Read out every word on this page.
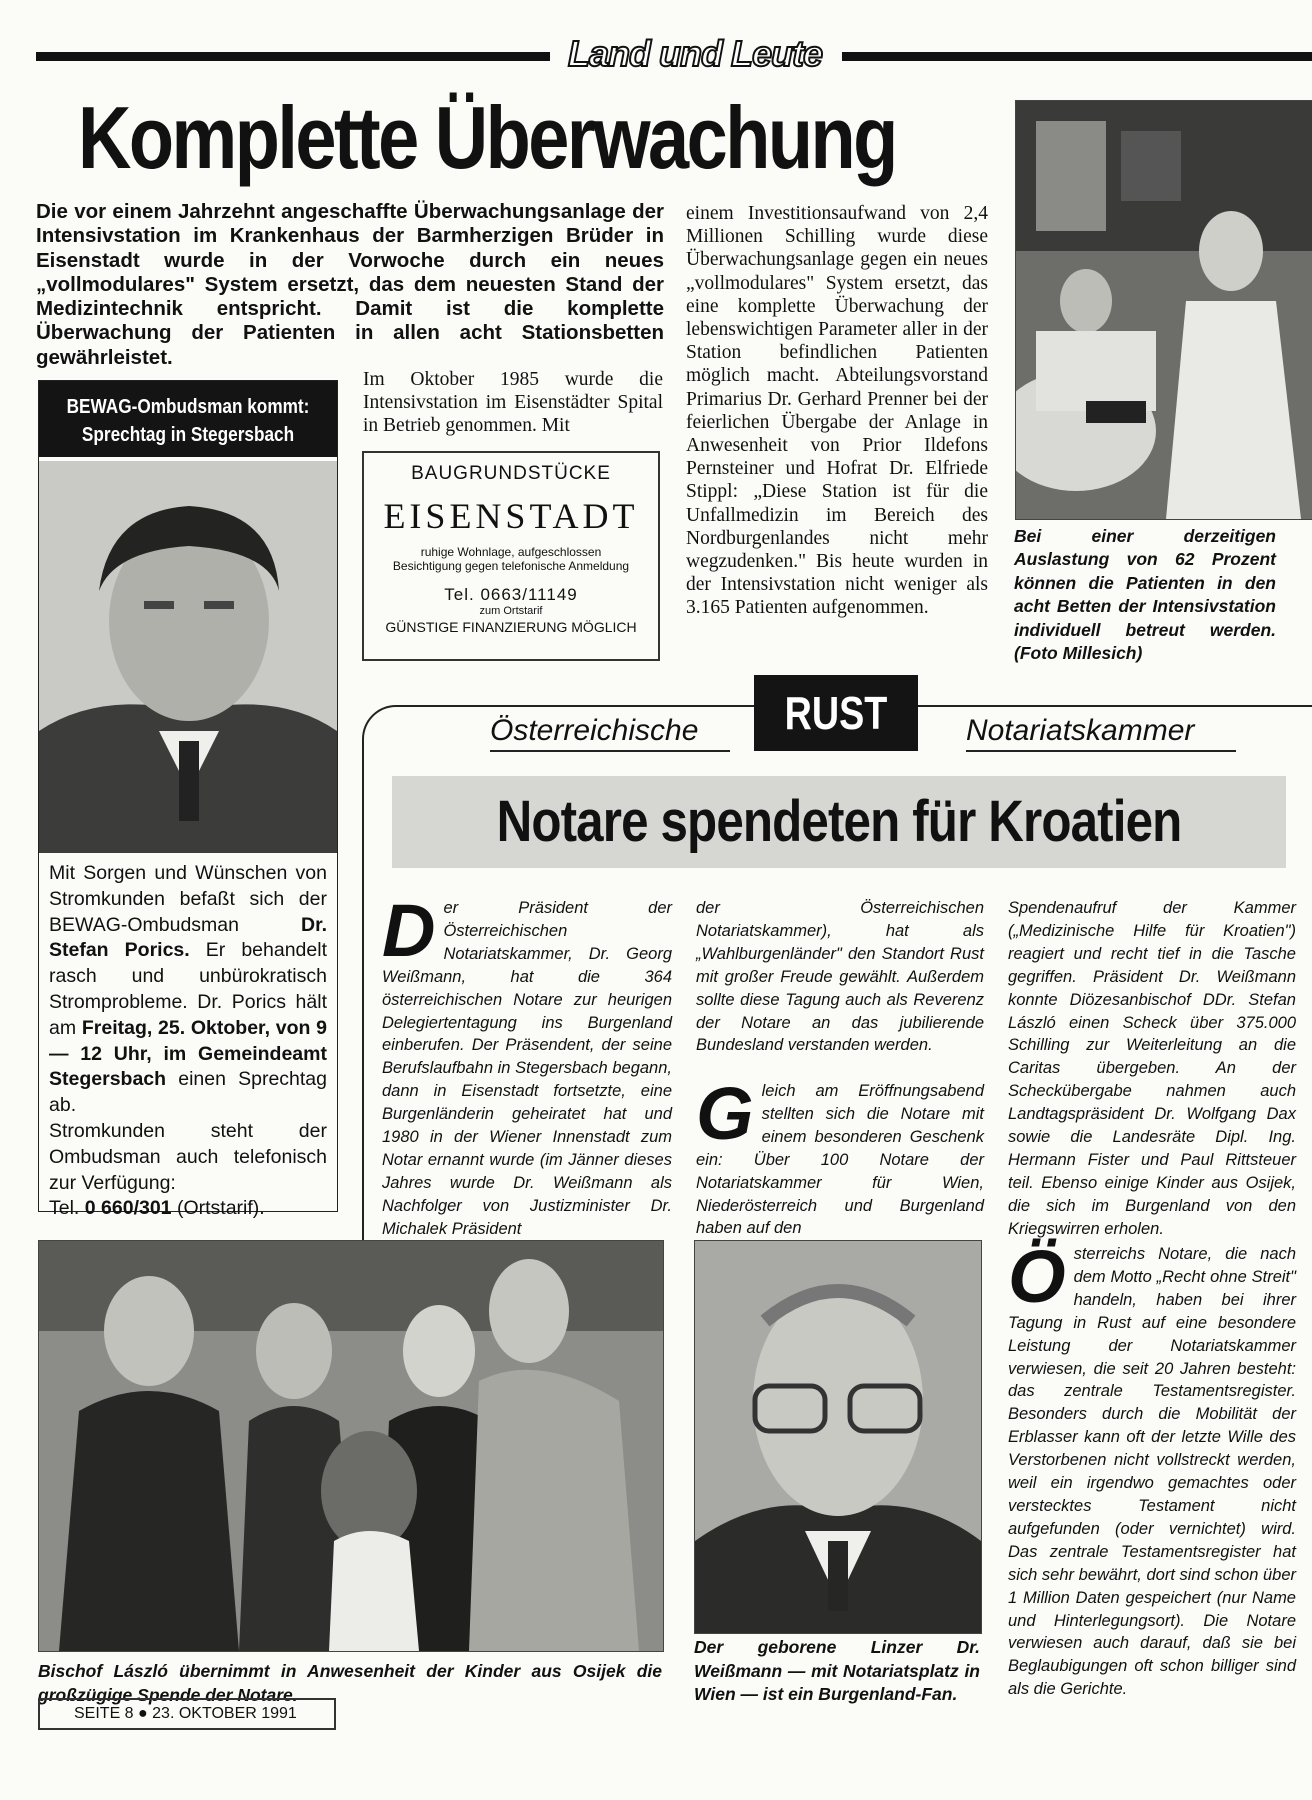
Land und Leute
Komplette Überwachung

Die vor einem Jahrzehnt angeschaffte Überwachungsanlage der Intensivstation im Krankenhaus der Barmherzigen Brüder in Eisenstadt wurde in der Vorwoche durch ein neues „vollmodulares" System ersetzt, das dem neuesten Stand der Medizintechnik entspricht. Damit ist die komplette Überwachung der Patienten in allen acht Stationsbetten gewährleistet.

Im Oktober 1985 wurde die Intensivstation im Eisenstädter Spital in Betrieb genommen. Mit

einem Investitionsaufwand von 2,4 Millionen Schilling wurde diese Überwachungsanlage gegen ein neues „vollmodulares" System ersetzt, das eine komplette Überwachung der lebenswichtigen Parameter aller in der Station befindlichen Patienten möglich macht. Abteilungsvorstand Primarius Dr. Gerhard Prenner bei der feierlichen Übergabe der Anlage in Anwesenheit von Prior Ildefons Pernsteiner und Hofrat Dr. Elfriede Stippl: „Diese Station ist für die Unfallmedizin im Bereich des Nordburgenlandes nicht mehr wegzudenken." Bis heute wurden in der Intensivstation nicht weniger als 3.165 Patienten aufgenommen.

Bei einer derzeitigen Auslastung von 62 Prozent können die Patienten in den acht Betten der Intensivstation individuell betreut werden. (Foto Millesich)

BAUGRUNDSTÜCKE
EISENSTADT
ruhige Wohnlage, aufgeschlossen
Besichtigung gegen telefonische Anmeldung
Tel. 0663/11149
zum Ortstarif
GÜNSTIGE FINANZIERUNG MÖGLICH
BEWAG-Ombudsman kommt:
Sprechtag in Stegersbach

Mit Sorgen und Wünschen von Stromkunden befaßt sich der BEWAG-Ombudsman Dr. Stefan Porics. Er behandelt rasch und unbürokratisch Stromprobleme. Dr. Porics hält am Freitag, 25. Oktober, von 9 — 12 Uhr, im Gemeindeamt Stegersbach einen Sprechtag ab.

Stromkunden steht der Ombudsman auch telefonisch zur Verfügung:
Tel. 0 660/301 (Ortstarif).

RUST
Österreichische	Notariatskammer
Notare spendeten für Kroatien

Der Präsident der Österreichischen Notariatskammer, Dr. Georg Weißmann, hat die 364 österreichischen Notare zur heurigen Delegiertentagung ins Burgenland einberufen. Der Präsendent, der seine Berufslaufbahn in Stegersbach begann, dann in Eisenstadt fortsetzte, eine Burgenländerin geheiratet hat und 1980 in der Wiener Innenstadt zum Notar ernannt wurde (im Jänner dieses Jahres wurde Dr. Weißmann als Nachfolger von Justizminister Dr. Michalek Präsident

der Österreichischen Notariatskammer), hat als „Wahlburgenländer" den Standort Rust mit großer Freude gewählt. Außerdem sollte diese Tagung auch als Reverenz der Notare an das jubilierende Bundesland verstanden werden.

Gleich am Eröffnungsabend stellten sich die Notare mit einem besonderen Geschenk ein: Über 100 Notare der Notariatskammer für Wien, Niederösterreich und Burgenland haben auf den

Spendenaufruf der Kammer („Medizinische Hilfe für Kroatien") reagiert und recht tief in die Tasche gegriffen. Präsident Dr. Weißmann konnte Diözesanbischof DDr. Stefan László einen Scheck über 375.000 Schilling zur Weiterleitung an die Caritas übergeben. An der Scheckübergabe nahmen auch Landtagspräsident Dr. Wolfgang Dax sowie die Landesräte Dipl. Ing. Hermann Fister und Paul Rittsteuer teil. Ebenso einige Kinder aus Osijek, die sich im Burgenland von den Kriegswirren erholen.

Österreichs Notare, die nach dem Motto „Recht ohne Streit" handeln, haben bei ihrer Tagung in Rust auf eine besondere Leistung der Notariatskammer verwiesen, die seit 20 Jahren besteht: das zentrale Testamentsregister. Besonders durch die Mobilität der Erblasser kann oft der letzte Wille des Verstorbenen nicht vollstreckt werden, weil ein irgendwo gemachtes oder verstecktes Testament nicht aufgefunden (oder vernichtet) wird. Das zentrale Testamentsregister hat sich sehr bewährt, dort sind schon über 1 Million Daten gespeichert (nur Name und Hinterlegungsort). Die Notare verwiesen auch darauf, daß sie bei Beglaubigungen oft schon billiger sind als die Gerichte.

Bischof László übernimmt in Anwesenheit der Kinder aus Osijek die großzügige Spende der Notare.

Der geborene Linzer Dr. Weißmann — mit Notariatsplatz in Wien — ist ein Burgenland-Fan.

SEITE 8 ● 23. OKTOBER 1991
